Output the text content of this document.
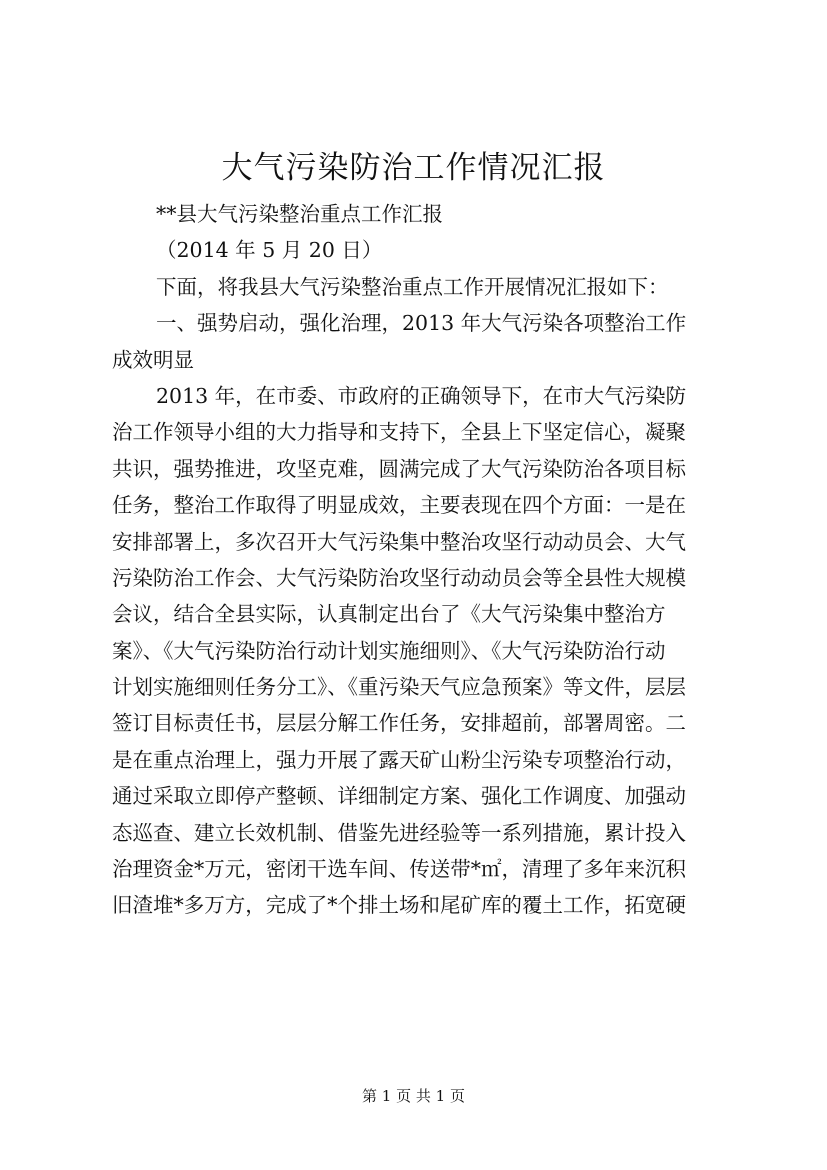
大气污染防治工作情况汇报
**县大气污染整治重点工作汇报
（2014 年 5 月 20 日）
下面，将我县大气污染整治重点工作开展情况汇报如下：
一、强势启动，强化治理，2013 年大气污染各项整治工作
成效明显
2013 年，在市委、市政府的正确领导下，在市大气污染防
治工作领导小组的大力指导和支持下，全县上下坚定信心，凝聚
共识，强势推进，攻坚克难，圆满完成了大气污染防治各项目标
任务，整治工作取得了明显成效，主要表现在四个方面：一是在
安排部署上，多次召开大气污染集中整治攻坚行动动员会、大气
污染防治工作会、大气污染防治攻坚行动动员会等全县性大规模
会议，结合全县实际，认真制定出台了《大气污染集中整治方
案》、《大气污染防治行动计划实施细则》、《大气污染防治行动
计划实施细则任务分工》、《重污染天气应急预案》等文件，层层
签订目标责任书，层层分解工作任务，安排超前，部署周密。二
是在重点治理上，强力开展了露天矿山粉尘污染专项整治行动，
通过采取立即停产整顿、详细制定方案、强化工作调度、加强动
态巡查、建立长效机制、借鉴先进经验等一系列措施，累计投入
治理资金*万元，密闭干选车间、传送带*㎡，清理了多年来沉积
旧渣堆*多万方，完成了*个排土场和尾矿库的覆土工作，拓宽硬
第 1 页 共 1 页
